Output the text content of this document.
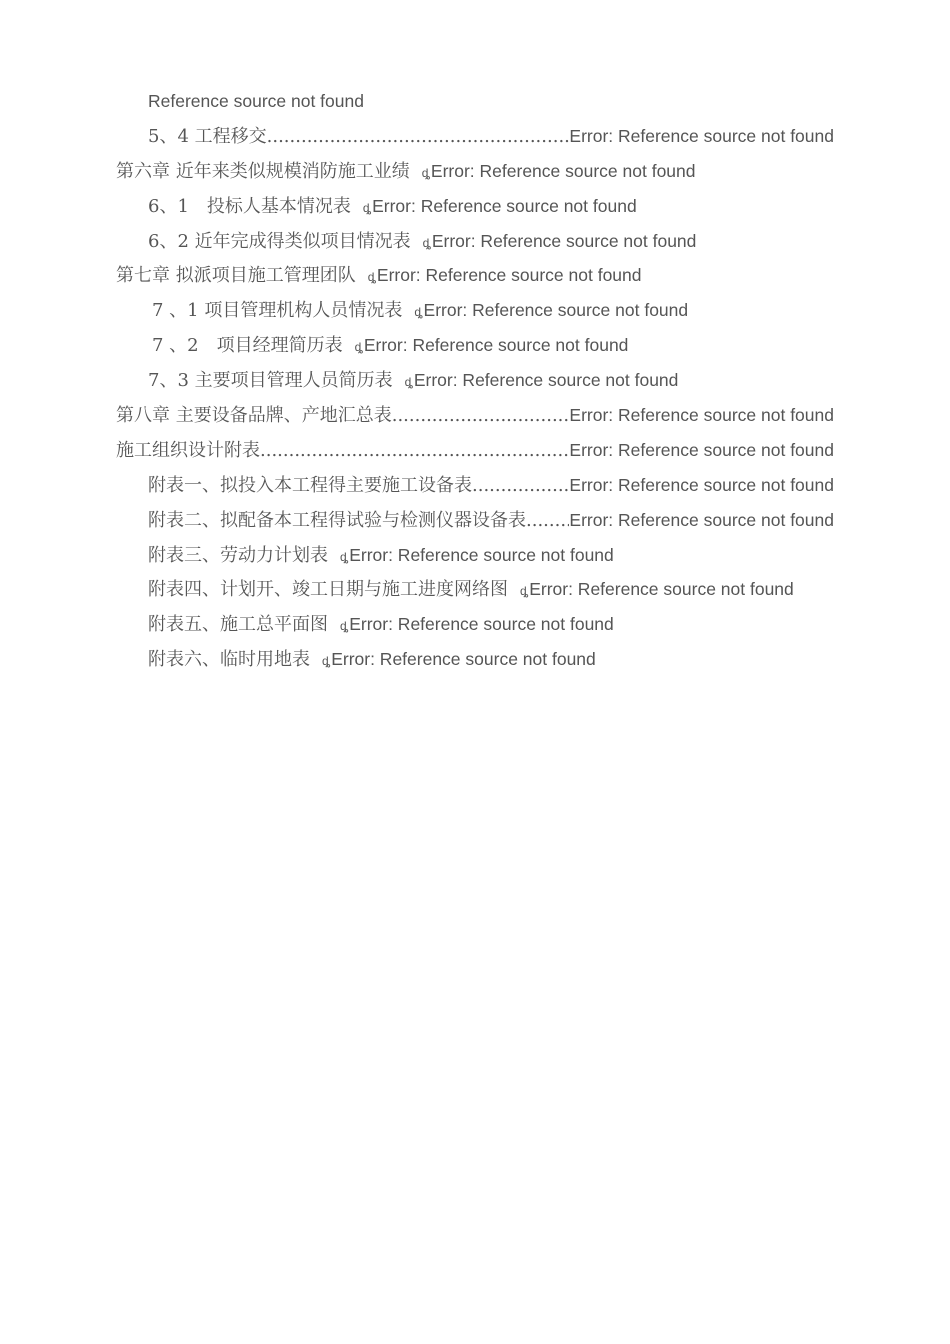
Reference source not found
5、4 工程移交 .....	Error: Reference source not found
第六章 近年来类似规模消防施工业绩 ȡ Error: Reference source not found
6、1　投标人基本情况表 ȡ Error: Reference source not found
6、2 近年完成得类似项目情况表 ȡ Error: Reference source not found
第七章 拟派项目施工管理团队 ȡ Error: Reference source not found
7 、1 项目管理机构人员情况表 ȡ Error: Reference source not found
7 、2　项目经理简历表 ȡ Error: Reference source not found
7、3 主要项目管理人员简历表 ȡ Error: Reference source not found
第八章 主要设备品牌、产地汇总表 .....	Error: Reference source not found
施工组织设计附表 .....	Error: Reference source not found
附表一、拟投入本工程得主要施工设备表 .....	Error: Reference source not found
附表二、拟配备本工程得试验与检测仪器设备表 ..... Error: Reference source not found
附表三、劳动力计划表 ȡ Error: Reference source not found
附表四、计划开、竣工日期与施工进度网络图 ȡ Error: Reference source not found
附表五、施工总平面图 ȡ Error: Reference source not found
附表六、临时用地表 ȡ Error: Reference source not found
